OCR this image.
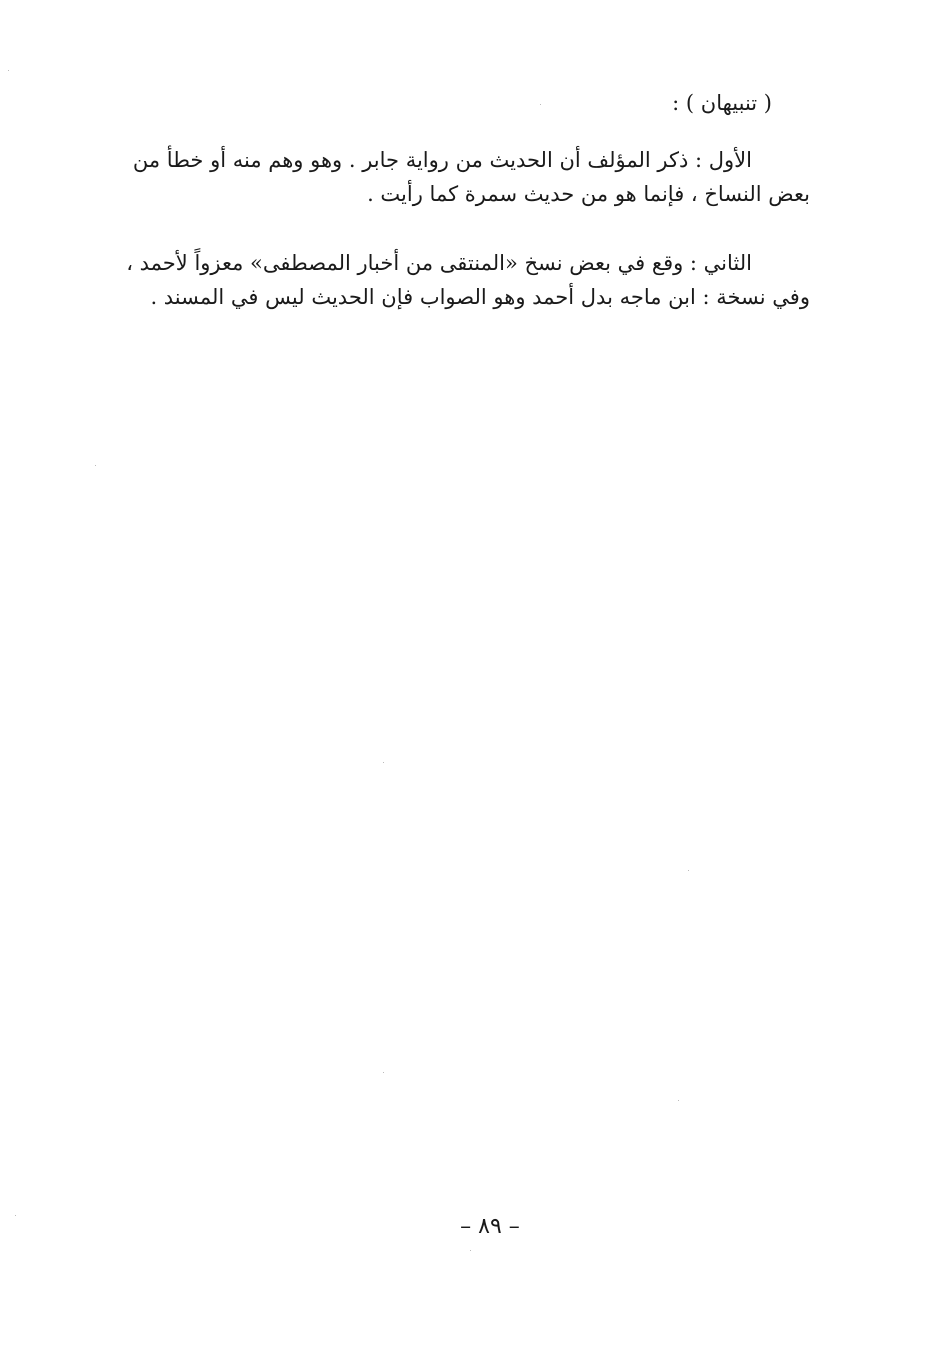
( تنبيهان ) :
الأول : ذكر المؤلف أن الحديث من رواية جابر . وهو وهم منه أو خطأ من
بعض النساخ ، فإنما هو من حديث سمرة كما رأيت .
الثاني : وقع في بعض نسخ «المنتقى من أخبار المصطفى» معزواً لأحمد ،
وفي نسخة : ابن ماجه بدل أحمد وهو الصواب فإن الحديث ليس في المسند .
– ٨٩ –
